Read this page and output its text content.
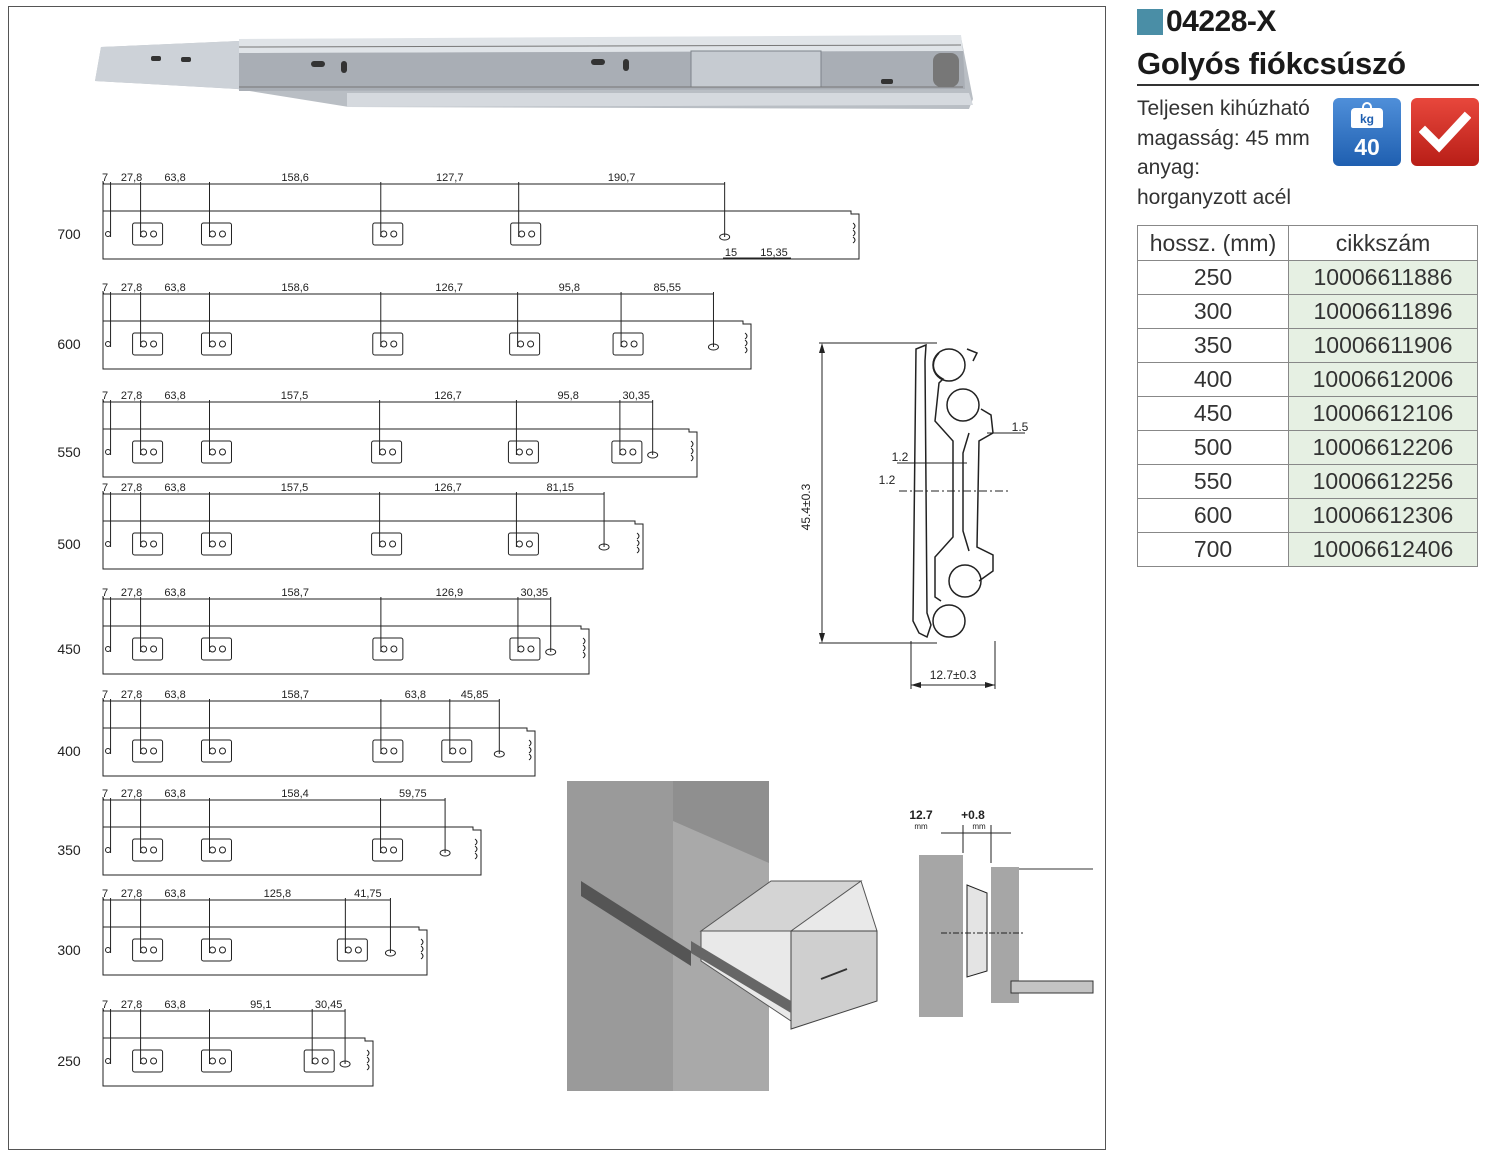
7 27,8 63,8	158,6	127,7	190,7
700
15 15,35
7 27,8 63,8	158,6	126,7	95,8	85,55
600
7 27,8 63,8	157,5	126,7	95,8	30,35
550
7 27,8 63,8	157,5	126,7	81,15
500
7 27,8 63,8	158,7	126,9	30,35
450
7 27,8 63,8	158,7	63,8	45,85
400
7 27,8 63,8	158,4	59,75
350
7 27,8 63,8	125,8	41,75
300
7 27,8 63,8	95,1	30,45
250
45.4±0.3
12.7±0.3
1.5
1.2
1.2
12.7 +0.8
mm	mm
04228-X
Golyós fiókcsúszó
Teljesen kihúzható
magasság: 45 mm
anyag:
horganyzott acél
kg
40
hossz. (mm)	cikkszám
250	10006611886
300	10006611896
350	10006611906
400	10006612006
450	10006612106
500	10006612206
550	10006612256
600	10006612306
700	10006612406
